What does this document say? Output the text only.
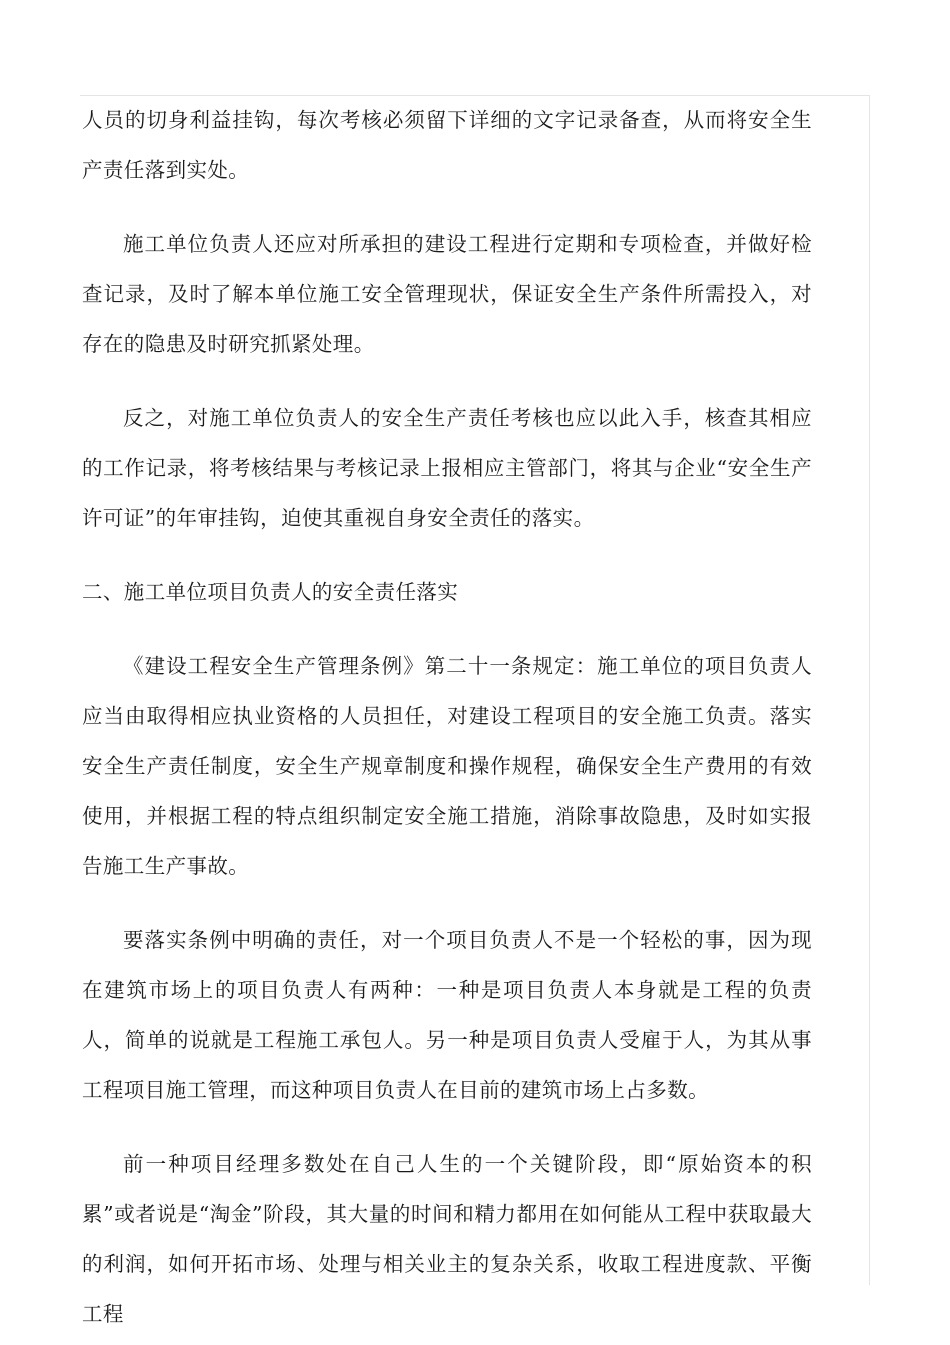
人员的切身利益挂钩，每次考核必须留下详细的文字记录备查，从而将安全生产责任落到实处。

施工单位负责人还应对所承担的建设工程进行定期和专项检查，并做好检查记录，及时了解本单位施工安全管理现状，保证安全生产条件所需投入，对存在的隐患及时研究抓紧处理。

反之，对施工单位负责人的安全生产责任考核也应以此入手，核查其相应的工作记录，将考核结果与考核记录上报相应主管部门，将其与企业“安全生产许可证”的年审挂钩，迫使其重视自身安全责任的落实。

二、施工单位项目负责人的安全责任落实

《建设工程安全生产管理条例》第二十一条规定：施工单位的项目负责人应当由取得相应执业资格的人员担任，对建设工程项目的安全施工负责。落实安全生产责任制度，安全生产规章制度和操作规程，确保安全生产费用的有效使用，并根据工程的特点组织制定安全施工措施，消除事故隐患，及时如实报告施工生产事故。

要落实条例中明确的责任，对一个项目负责人不是一个轻松的事，因为现在建筑市场上的项目负责人有两种：一种是项目负责人本身就是工程的负责人，简单的说就是工程施工承包人。另一种是项目负责人受雇于人，为其从事工程项目施工管理，而这种项目负责人在目前的建筑市场上占多数。

前一种项目经理多数处在自己人生的一个关键阶段，即“原始资本的积累”或者说是“淘金”阶段，其大量的时间和精力都用在如何能从工程中获取最大的利润，如何开拓市场、处理与相关业主的复杂关系，收取工程进度款、平衡工程
